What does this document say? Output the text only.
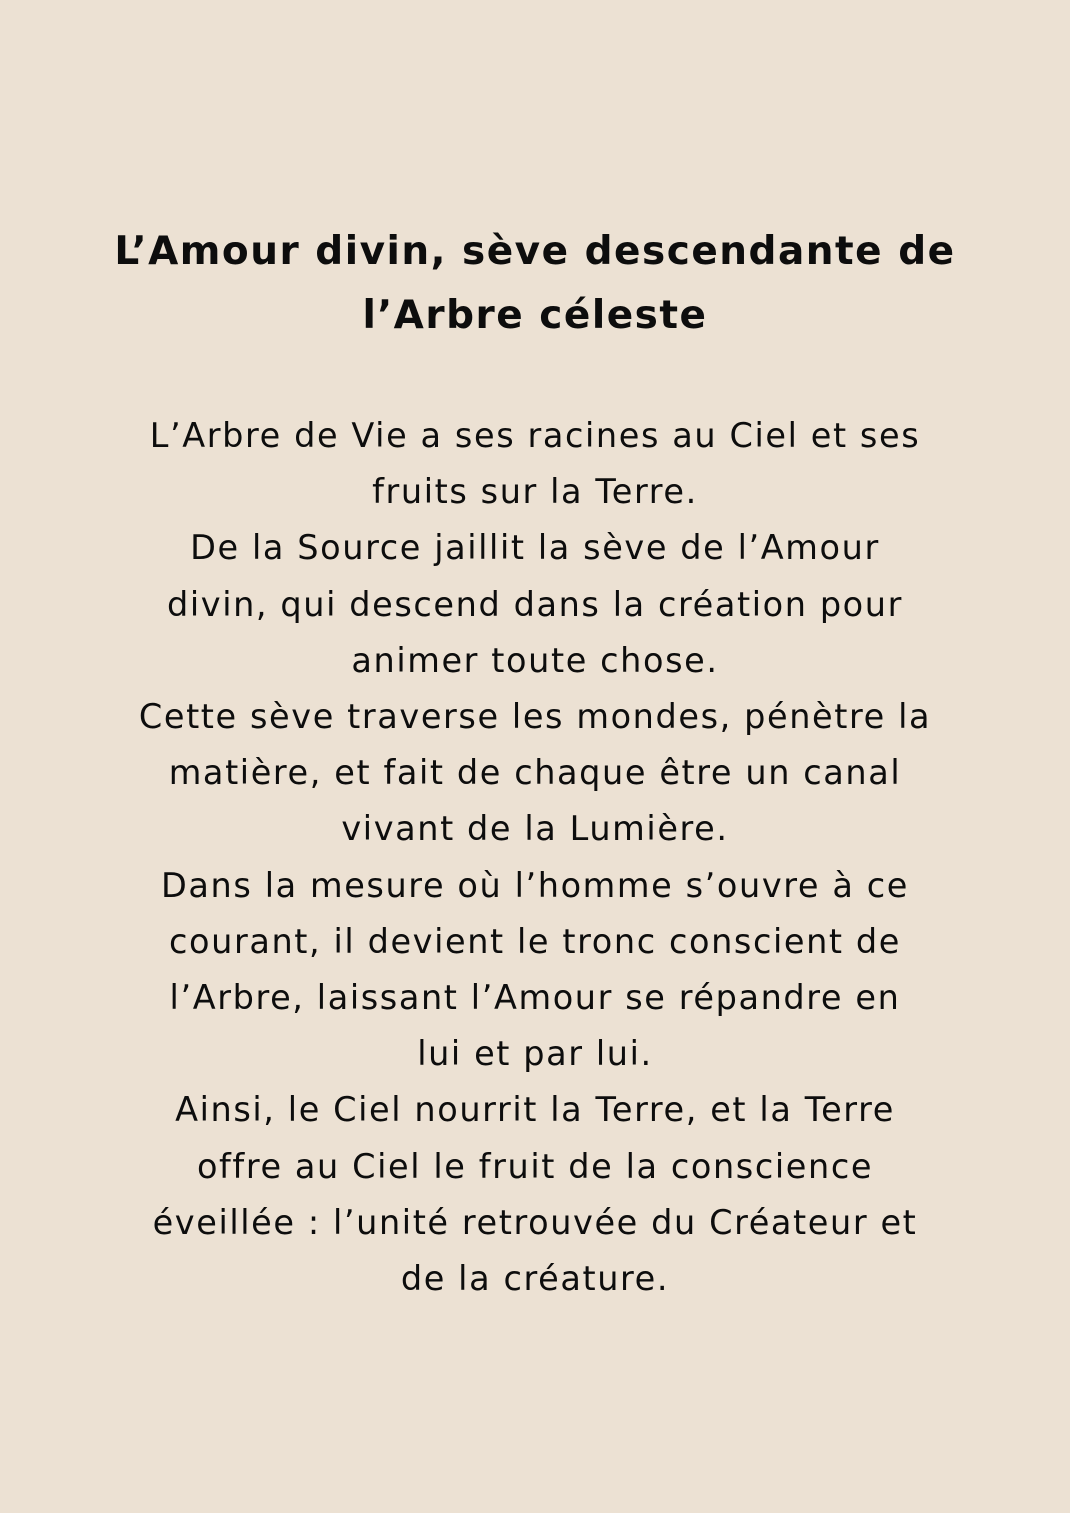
L’Amour divin, sève descendante de
l’Arbre céleste

L’Arbre de Vie a ses racines au Ciel et ses
fruits sur la Terre.

De la Source jaillit la sève de l’Amour
divin, qui descend dans la création pour
animer toute chose.

Cette sève traverse les mondes, pénètre la
matière, et fait de chaque être un canal
vivant de la Lumière.

Dans la mesure où l’homme s’ouvre à ce
courant, il devient le tronc conscient de
l’Arbre, laissant l’Amour se répandre en
lui et par lui.

Ainsi, le Ciel nourrit la Terre, et la Terre
offre au Ciel le fruit de la conscience
éveillée : l’unité retrouvée du Créateur et
de la créature.
